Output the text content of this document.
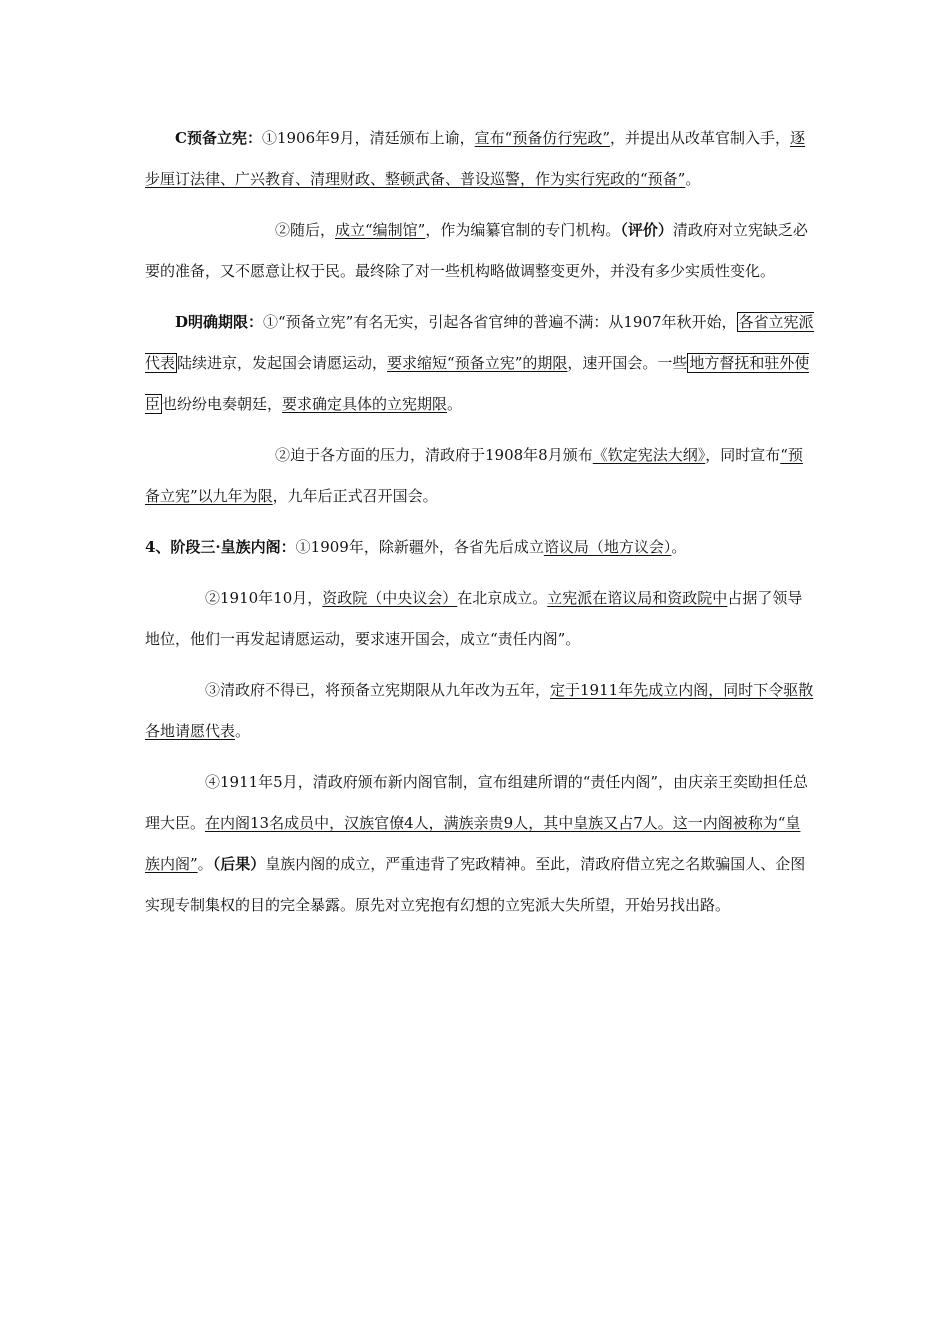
C预备立宪：①1906年9月，清廷颁布上谕，宣布“预备仿行宪政”，并提出从改革官制入手，逐步厘订法律、广兴教育、清理财政、整顿武备、普设巡警，作为实行宪政的“预备”。

②随后，成立“编制馆”，作为编纂官制的专门机构。（评价）清政府对立宪缺乏必要的准备，又不愿意让权于民。最终除了对一些机构略做调整变更外，并没有多少实质性变化。

D明确期限：①“预备立宪”有名无实，引起各省官绅的普遍不满：从1907年秋开始， 各省立宪派代表 陆续进京，发起国会请愿运动，要求缩短“预备立宪”的期限，速开国会。一些 地方督抚和驻外使臣 也纷纷电奏朝廷，要求确定具体的立宪期限。

②迫于各方面的压力，清政府于1908年8月颁布《钦定宪法大纲》，同时宣布“预备立宪”以九年为限，九年后正式召开国会。

4、阶段三·皇族内阁：①1909年，除新疆外，各省先后成立谘议局（地方议会）。

②1910年10月，资政院（中央议会）在北京成立。立宪派在谘议局和资政院中占据了领导地位，他们一再发起请愿运动，要求速开国会，成立“责任内阁”。

③清政府不得已，将预备立宪期限从九年改为五年，定于1911年先成立内阁，同时下令驱散各地请愿代表。

④1911年5月，清政府颁布新内阁官制，宣布组建所谓的“责任内阁”，由庆亲王奕劻担任总理大臣。在内阁13名成员中，汉族官僚4人，满族亲贵9人，其中皇族又占7人。这一内阁被称为“皇族内阁”。（后果）皇族内阁的成立，严重违背了宪政精神。至此，清政府借立宪之名欺骗国人、企图实现专制集权的目的完全暴露。原先对立宪抱有幻想的立宪派大失所望，开始另找出路。
